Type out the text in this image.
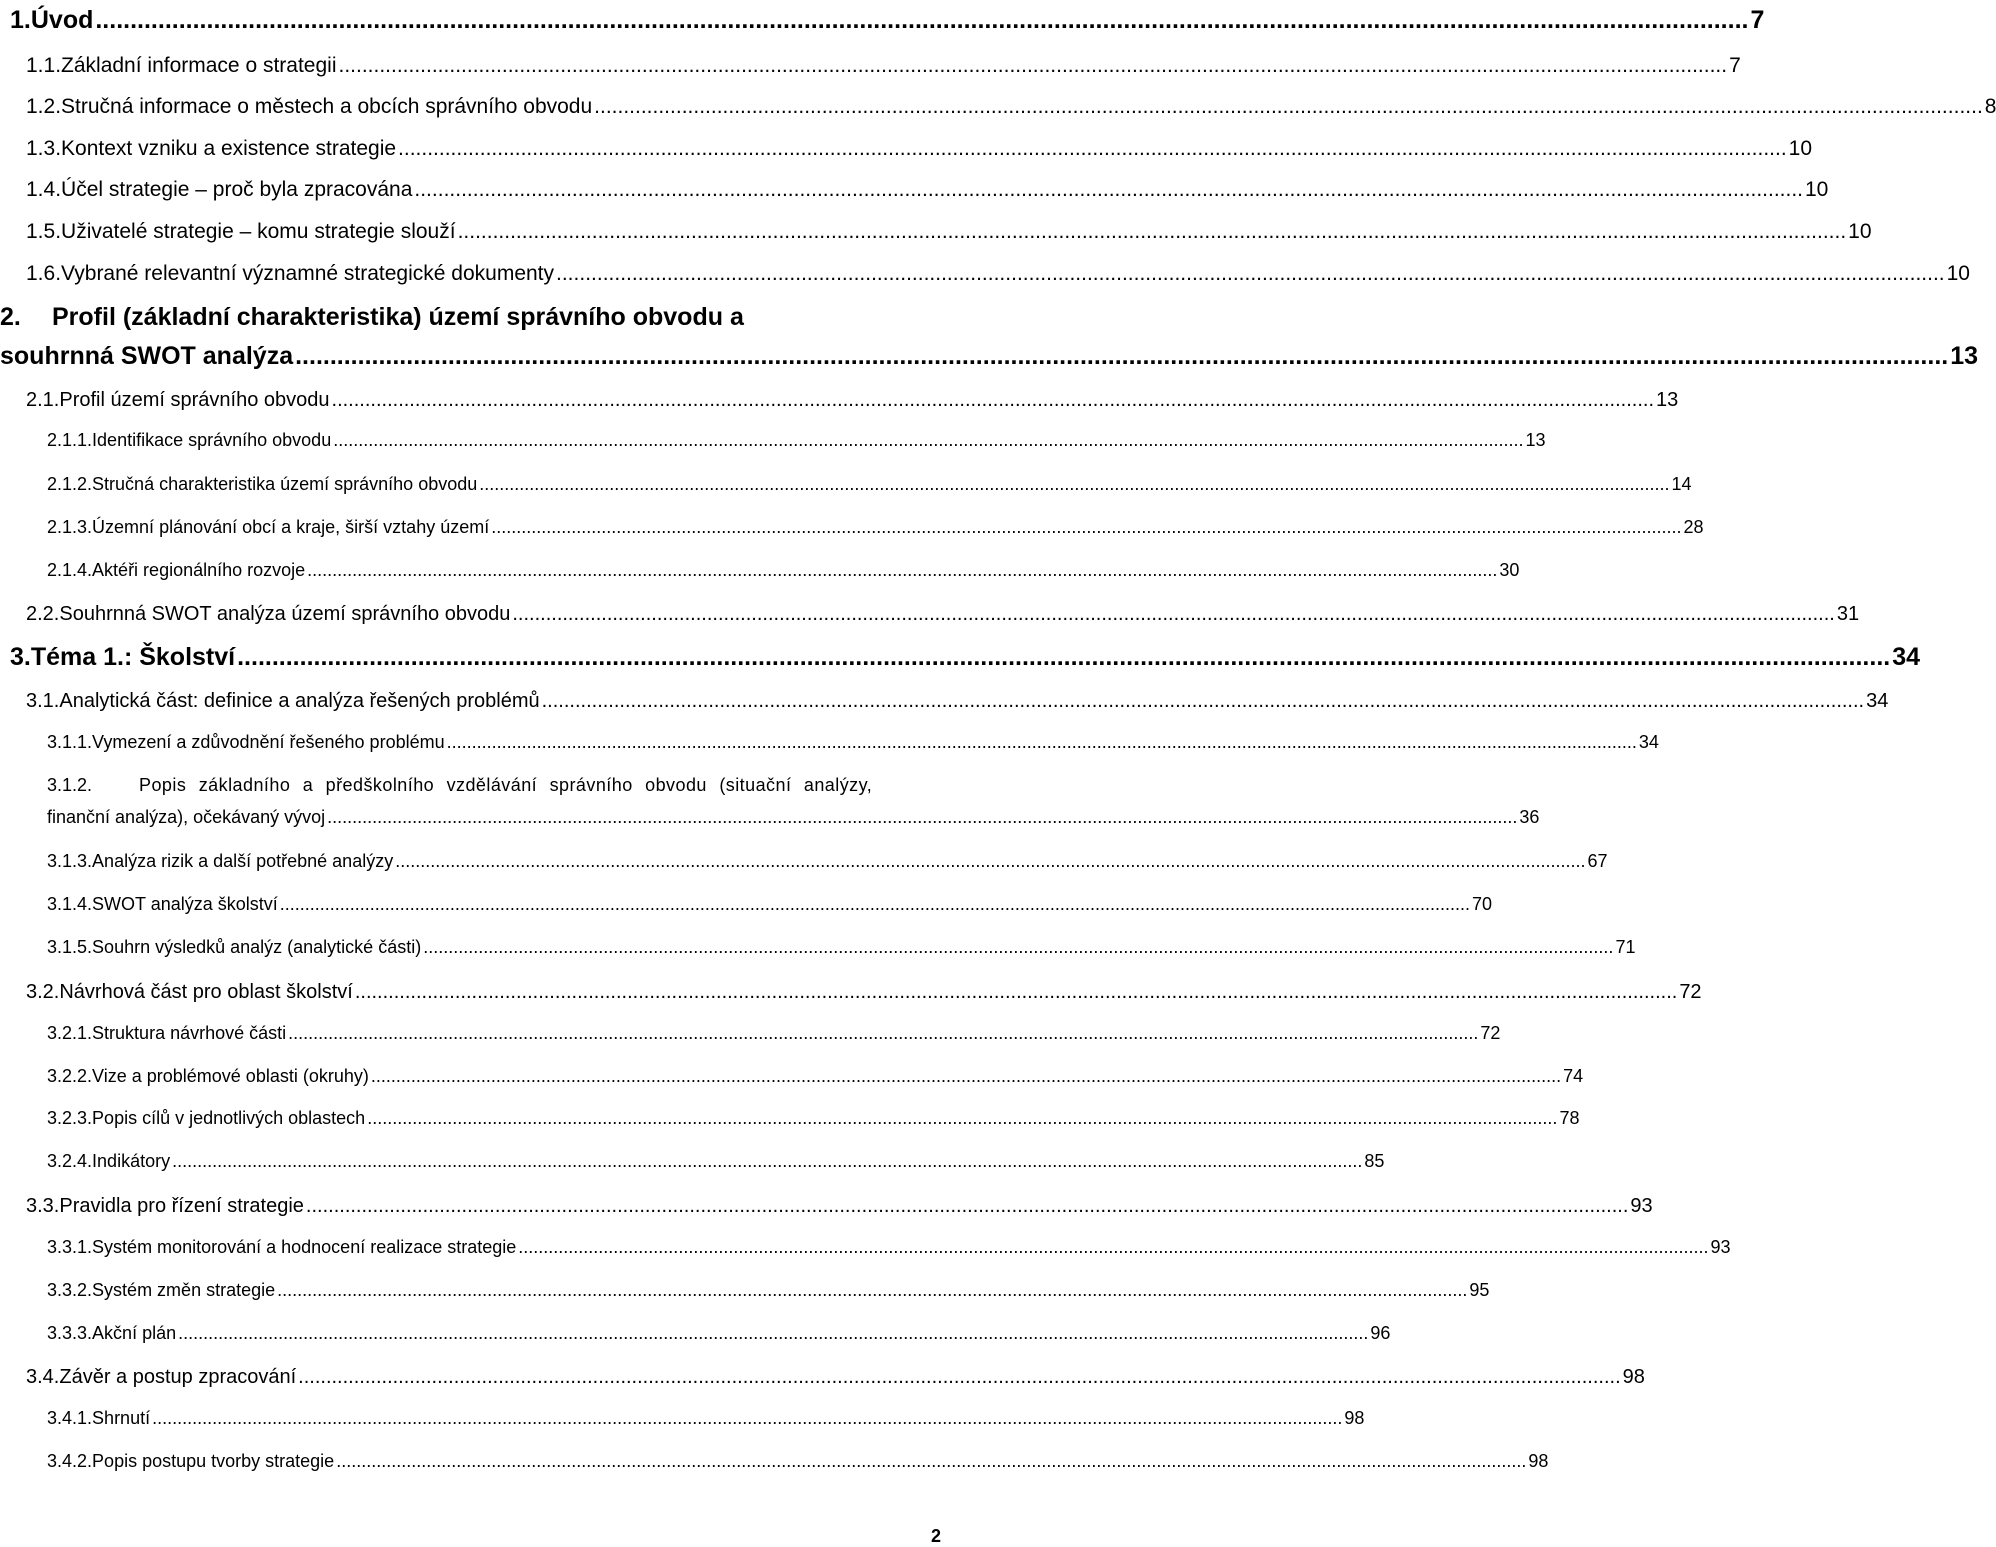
1. Úvod .............................................................................................................................................................................................................................................. 7
1.1. Základní informace o strategii .............................................................................................................................................................................................................................................. 7
1.2. Stručná informace o městech a obcích správního obvodu .............................................................................................................................................................................................................................................. 8
1.3. Kontext vzniku a existence strategie .............................................................................................................................................................................................................................................. 10
1.4. Účel strategie – proč byla zpracována .............................................................................................................................................................................................................................................. 10
1.5. Uživatelé strategie – komu strategie slouží .............................................................................................................................................................................................................................................. 10
1.6. Vybrané relevantní významné strategické dokumenty .............................................................................................................................................................................................................................................. 10
2.	Profil (základní charakteristika) území správního obvodu a
souhrnná SWOT analýza .............................................................................................................................................................................................................................................. 13
2.1. Profil území správního obvodu .............................................................................................................................................................................................................................................. 13
2.1.1. Identifikace správního obvodu .............................................................................................................................................................................................................................................. 13
2.1.2. Stručná charakteristika území správního obvodu .............................................................................................................................................................................................................................................. 14
2.1.3. Územní plánování obcí a kraje, širší vztahy území .............................................................................................................................................................................................................................................. 28
2.1.4. Aktéři regionálního rozvoje .............................................................................................................................................................................................................................................. 30
2.2. Souhrnná SWOT analýza území správního obvodu .............................................................................................................................................................................................................................................. 31
3. Téma 1.: Školství .............................................................................................................................................................................................................................................. 34
3.1. Analytická část: definice a analýza řešených problémů .............................................................................................................................................................................................................................................. 34
3.1.1. Vymezení a zdůvodnění řešeného problému .............................................................................................................................................................................................................................................. 34
3.1.2.	Popis základního a předškolního vzdělávání správního obvodu (situační analýzy,
finanční analýza), očekávaný vývoj .............................................................................................................................................................................................................................................. 36
3.1.3. Analýza rizik a další potřebné analýzy .............................................................................................................................................................................................................................................. 67
3.1.4. SWOT analýza školství .............................................................................................................................................................................................................................................. 70
3.1.5. Souhrn výsledků analýz (analytické části) .............................................................................................................................................................................................................................................. 71
3.2. Návrhová část pro oblast školství .............................................................................................................................................................................................................................................. 72
3.2.1. Struktura návrhové části .............................................................................................................................................................................................................................................. 72
3.2.2. Vize a problémové oblasti (okruhy) .............................................................................................................................................................................................................................................. 74
3.2.3. Popis cílů v jednotlivých oblastech .............................................................................................................................................................................................................................................. 78
3.2.4. Indikátory .............................................................................................................................................................................................................................................. 85
3.3. Pravidla pro řízení strategie .............................................................................................................................................................................................................................................. 93
3.3.1. Systém monitorování a hodnocení realizace strategie .............................................................................................................................................................................................................................................. 93
3.3.2. Systém změn strategie .............................................................................................................................................................................................................................................. 95
3.3.3. Akční plán .............................................................................................................................................................................................................................................. 96
3.4. Závěr a postup zpracování .............................................................................................................................................................................................................................................. 98
3.4.1. Shrnutí .............................................................................................................................................................................................................................................. 98
3.4.2. Popis postupu tvorby strategie .............................................................................................................................................................................................................................................. 98
2
